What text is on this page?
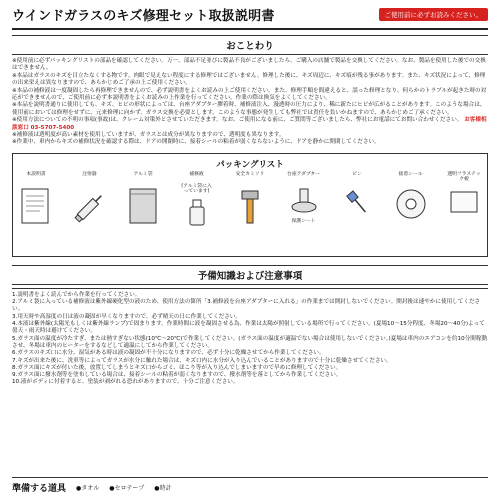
ウインドガラスのキズ修理セット取扱説明書	ご使用前に必ずお読みください。
おことわり

※使用前に必ずパッキングリストの部品を確認してください。万一、部品不足並びに製品不良がございましたら、ご購入の店舗で製品を交換してください。なお、製品を使用した後での交換はできません。

※本品はガラスのキズを目立たなくする物です。肉眼で見えない程度にする修理ではございません。修理した後に、キズ周辺に、キズ痕が残る事があります。また、キズ状況によって、修理の出来栄えは異なりますので、あらかじめご了承の上ご使用ください。

※本品の補修液は一度凝固したら再修理できませんので、必ず説明書をよくお読みの上ご使用ください。また、修理手順を間違えると、誤った修理となり、何らかのトラブルが起きた時の対応ができませんので、ご使用前に必ず本説明書をよくお読みの上作業を行ってください。作業の際は換気をよくしてください。

※本品を説明書通りに使用しても、キズ、ヒビの形状によっては、台座アダプター膠着時、補修液注入、漫透時の圧力により、稀に新たにヒビが広がることがあります。このような場合は、使用前においては修理をせずに、元来修理に向かず、ガラス交換を必要とします。このような事態が発生しても弊社では責任を負いかねますので、あらかじめご了承ください。

※使用方法についての不明の事項(事故)は、クレーム対策外とさせていただきます。なお、ご使用になる前に、ご質問等ございましたら、弊社にお電話にてお問い合わせください。 お客様相談窓口 03-5707-5400

※補修液は透明度が高い素材を使用していますが、ガラスとは成分が異なりますので、透明度も異なります。

※作業中、車内からキズの補修状況を確認する際は、ドアの開閉時に、接着シールの粘着が弱くならないように、ドアを静かに開閉してください。

パッキングリスト
本説明書	注射器	アルミ袋	補修液
(アルミ袋に入っています)
安全カミソリ	台座アダプター
保護シート
ピン	接着シール	透明フラステック板
予備知識および注意事項

1.説明書をよく読んでから作業を行ってください。

2.アルミ袋に入っている補修液は紫外線硬化型の液のため、使用方法の箇所「3.補修液を台座アダプターに入れる」の作業までは開封しないでください。開封後は速やかに使用してください。

3.用天時や高湿度の日は液の凝固が早くなりますので、必ず晴天の日に作業してください。

4.本液は紫外線(太陽光もしくは紫外線ランプ)で固まります。作業時間に液を凝固させる為、作業は太陽が照射している場所で行ってください。(夏場10〜15分程度、冬場20〜40分)よって曇天・雨天時は避けてください。

5.ガラス面の温度が冷たすぎ、または熱すぎない状態(10℃〜20℃)で作業してください。(ガラス面の温度が適温でない場合は使用しないでください。)夏場は車内のエアコンを約10分間稼動させ、冬場は車内のヒーターをするなどして適温にしてから作業してください。

6.ガラスのキズ口に水分、湿気がある時は液の凝固が不十分になりますので、必ず十分に乾燥させてから作業してください。

7.キズが出来た後に、洗車等によってガラスが水分に触れた場合は、キズ口内に水分が入り込んでいることがありますので十分に乾燥させてください。

8.ガラス面にキズが付いた後、放置してしまうとキズ口からゴミ、ほこり等が入り込んでしまいますので早めに修理してください。

9.ガラス面に撥水剤等を塗布している場合は、接着シールの粘着が弱くなりますので、撥水剤等を落としてから作業してください。

10.液がボディに付着すると、塗装が剥がれる恐れがありますので、十分ご注意ください。

準備する道具 ●タオル ●セロテープ ●時計
